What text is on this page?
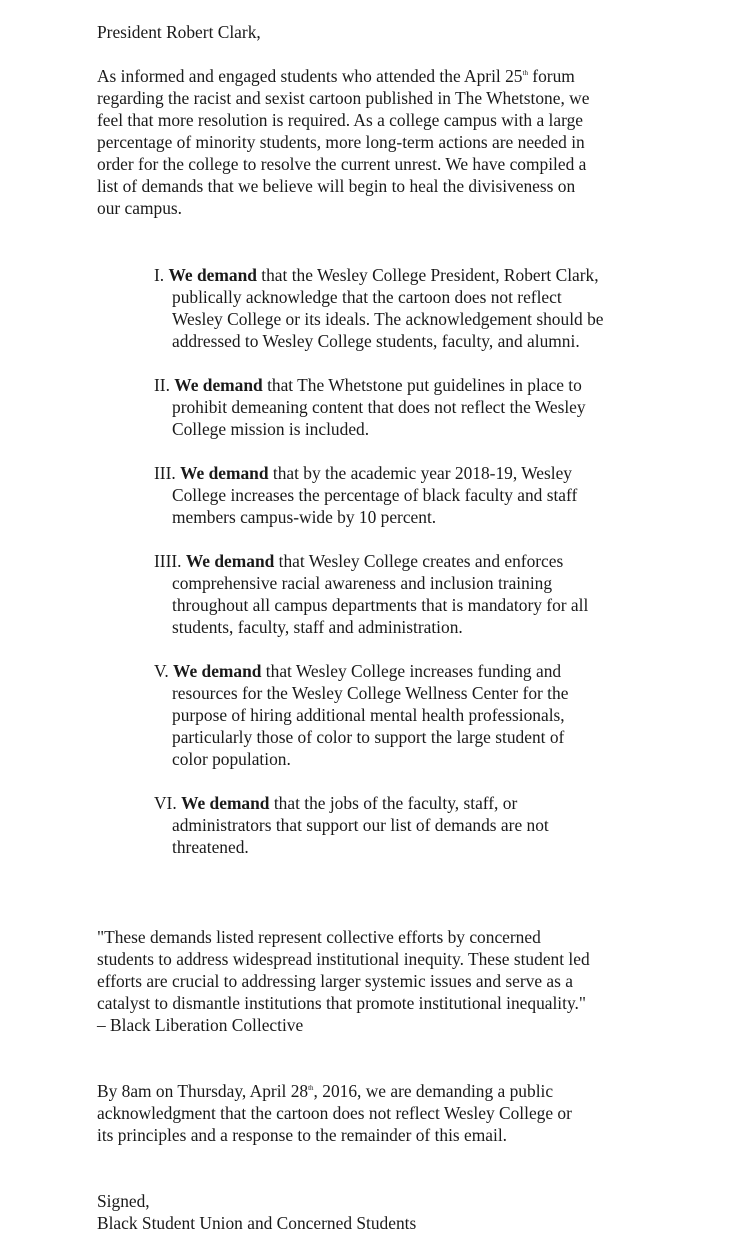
President Robert Clark,

As informed and engaged students who attended the April 25th forum regarding the racist and sexist cartoon published in The Whetstone, we feel that more resolution is required. As a college campus with a large percentage of minority students, more long-term actions are needed in order for the college to resolve the current unrest. We have compiled a list of demands that we believe will begin to heal the divisiveness on our campus.

I. We demand that the Wesley College President, Robert Clark, publically acknowledge that the cartoon does not reflect Wesley College or its ideals. The acknowledgement should be addressed to Wesley College students, faculty, and alumni.
II. We demand that The Whetstone put guidelines in place to prohibit demeaning content that does not reflect the Wesley College mission is included.
III. We demand that by the academic year 2018-19, Wesley College increases the percentage of black faculty and staff members campus-wide by 10 percent.
IIII. We demand that Wesley College creates and enforces comprehensive racial awareness and inclusion training throughout all campus departments that is mandatory for all students, faculty, staff and administration.
V. We demand that Wesley College increases funding and resources for the Wesley College Wellness Center for the purpose of hiring additional mental health professionals, particularly those of color to support the large student of color population.
VI. We demand that the jobs of the faculty, staff, or administrators that support our list of demands are not threatened.

"These demands listed represent collective efforts by concerned students to address widespread institutional inequity. These student led efforts are crucial to addressing larger systemic issues and serve as a catalyst to dismantle institutions that promote institutional inequality." – Black Liberation Collective

By 8am on Thursday, April 28th, 2016, we are demanding a public acknowledgment that the cartoon does not reflect Wesley College or its principles and a response to the remainder of this email.

Signed,

Black Student Union and Concerned Students
